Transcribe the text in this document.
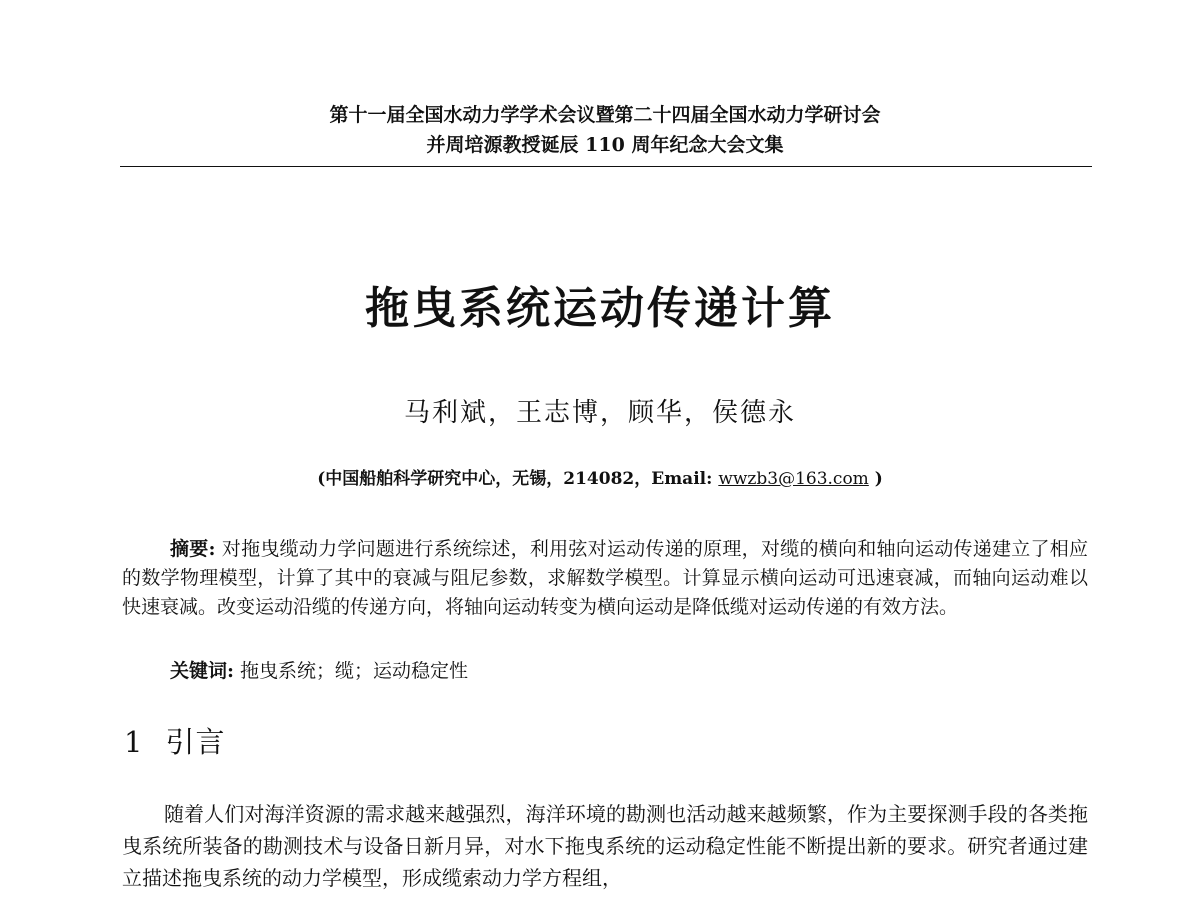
第十一届全国水动力学学术会议暨第二十四届全国水动力学研讨会
并周培源教授诞辰 110 周年纪念大会文集
拖曳系统运动传递计算
马利斌，王志博，顾华，侯德永
(中国船舶科学研究中心，无锡，214082，Email: wwzb3@163.com )
摘要: 对拖曳缆动力学问题进行系统综述，利用弦对运动传递的原理，对缆的横向和轴向运动传递建立了相应的数学物理模型，计算了其中的衰减与阻尼参数，求解数学模型。计算显示横向运动可迅速衰减，而轴向运动难以快速衰减。改变运动沿缆的传递方向，将轴向运动转变为横向运动是降低缆对运动传递的有效方法。
关键词: 拖曳系统；缆；运动稳定性
1 引言
随着人们对海洋资源的需求越来越强烈，海洋环境的勘测也活动越来越频繁，作为主要探测手段的各类拖曳系统所装备的勘测技术与设备日新月异，对水下拖曳系统的运动稳定性能不断提出新的要求。研究者通过建立描述拖曳系统的动力学模型，形成缆索动力学方程组，
